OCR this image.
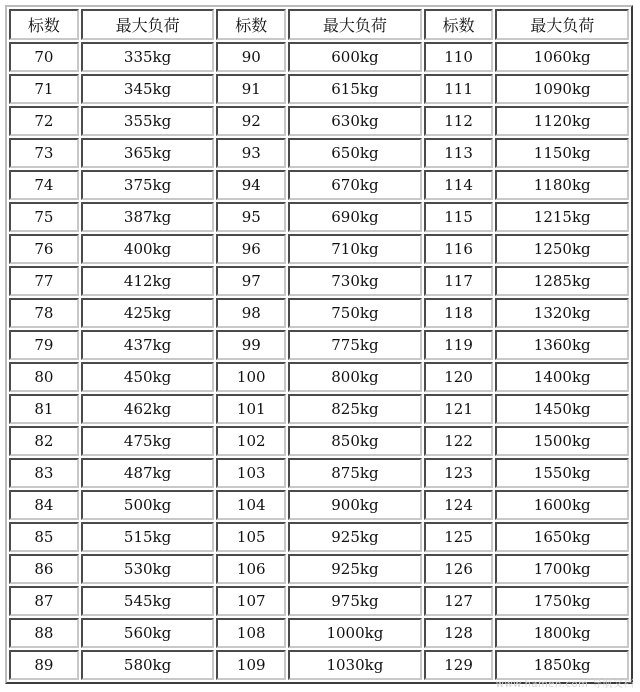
标数	最大负荷	标数	最大负荷	标数	最大负荷
70	335kg	90	600kg	110	1060kg
71	345kg	91	615kg	111	1090kg
72	355kg	92	630kg	112	1120kg
73	365kg	93	650kg	113	1150kg
74	375kg	94	670kg	114	1180kg
75	387kg	95	690kg	115	1215kg
76	400kg	96	710kg	116	1250kg
77	412kg	97	730kg	117	1285kg
78	425kg	98	750kg	118	1320kg
79	437kg	99	775kg	119	1360kg
80	450kg	100	800kg	120	1400kg
81	462kg	101	825kg	121	1450kg
82	475kg	102	850kg	122	1500kg
83	487kg	103	875kg	123	1550kg
84	500kg	104	900kg	124	1600kg
85	515kg	105	925kg	125	1650kg
86	530kg	106	925kg	126	1700kg
87	545kg	107	975kg	127	1750kg
88	560kg	108	1000kg	128	1800kg
89	580kg	109	1030kg	129	1850kg
www.hamen.com 导航文档
